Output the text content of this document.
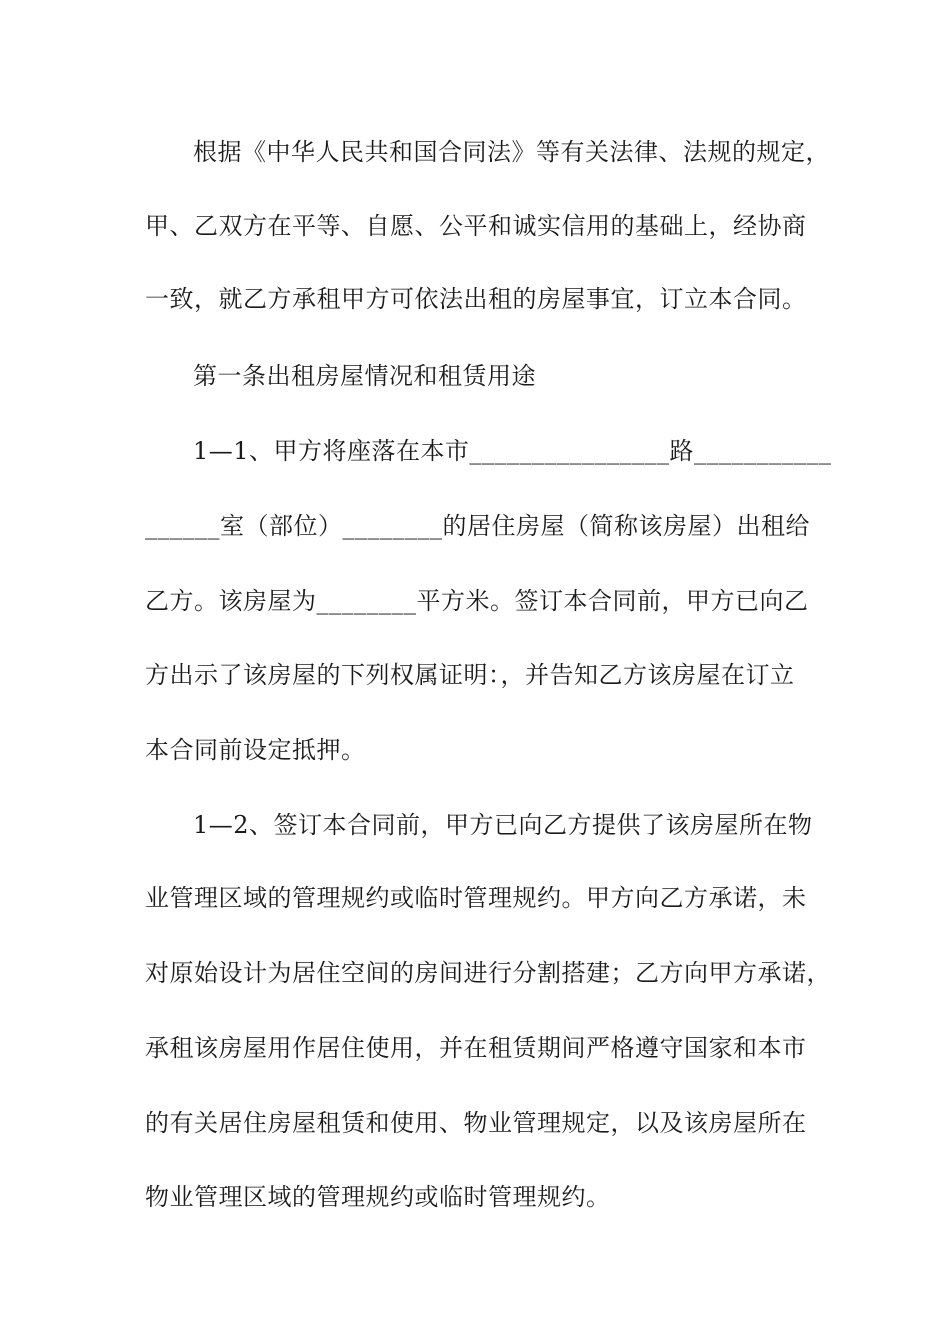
根据《中华人民共和国合同法》等有关法律、法规的规定，
甲、乙双方在平等、自愿、公平和诚实信用的基础上，经协商
一致，就乙方承租甲方可依法出租的房屋事宜，订立本合同。
第一条出租房屋情况和租赁用途
1—1、甲方将座落在本市________________路___________
______室（部位）________的居住房屋（简称该房屋）出租给
乙方。该房屋为________平方米。签订本合同前，甲方已向乙
方出示了该房屋的下列权属证明：，并告知乙方该房屋在订立
本合同前设定抵押。
1—2、签订本合同前，甲方已向乙方提供了该房屋所在物
业管理区域的管理规约或临时管理规约。甲方向乙方承诺，未
对原始设计为居住空间的房间进行分割搭建；乙方向甲方承诺，
承租该房屋用作居住使用，并在租赁期间严格遵守国家和本市
的有关居住房屋租赁和使用、物业管理规定，以及该房屋所在
物业管理区域的管理规约或临时管理规约。
